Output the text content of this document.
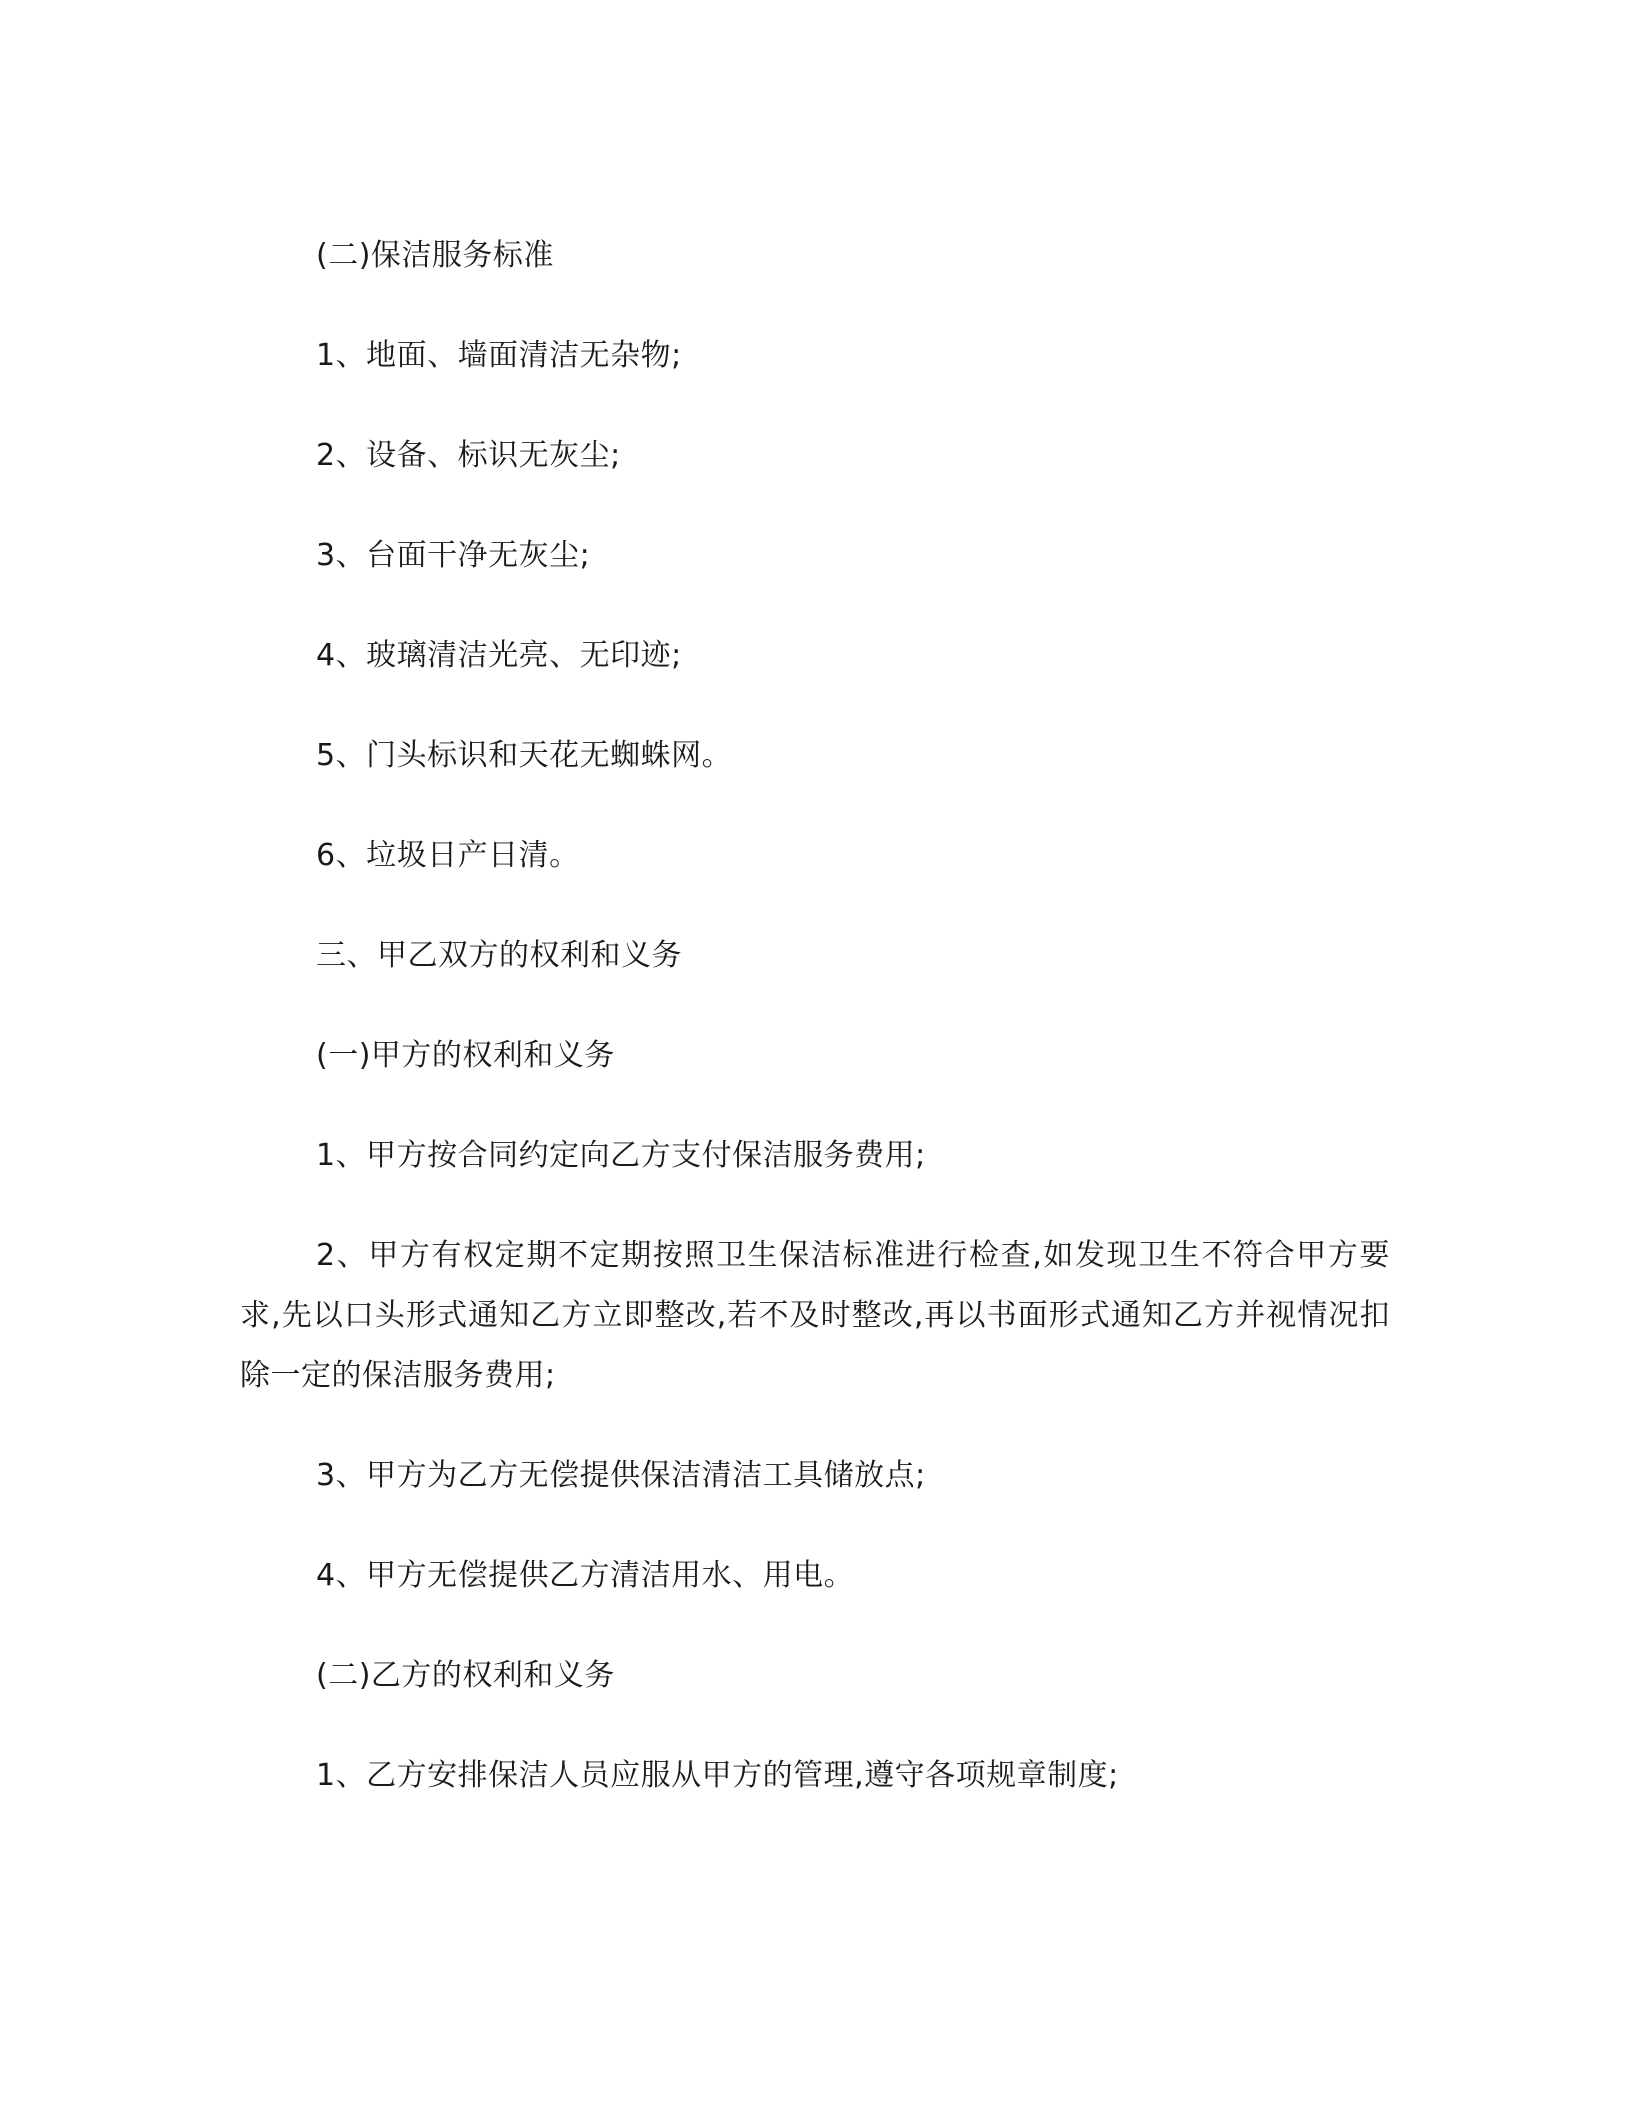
(二)保洁服务标准

1、地面、墙面清洁无杂物;

2、设备、标识无灰尘;

3、台面干净无灰尘;

4、玻璃清洁光亮、无印迹;

5、门头标识和天花无蜘蛛网。

6、垃圾日产日清。

三、甲乙双方的权利和义务

(一)甲方的权利和义务

1、甲方按合同约定向乙方支付保洁服务费用;

2、甲方有权定期不定期按照卫生保洁标准进行检查,如发现卫生不符合甲方要求,先以口头形式通知乙方立即整改,若不及时整改,再以书面形式通知乙方并视情况扣除一定的保洁服务费用;

3、甲方为乙方无偿提供保洁清洁工具储放点;

4、甲方无偿提供乙方清洁用水、用电。

(二)乙方的权利和义务

1、乙方安排保洁人员应服从甲方的管理,遵守各项规章制度;
